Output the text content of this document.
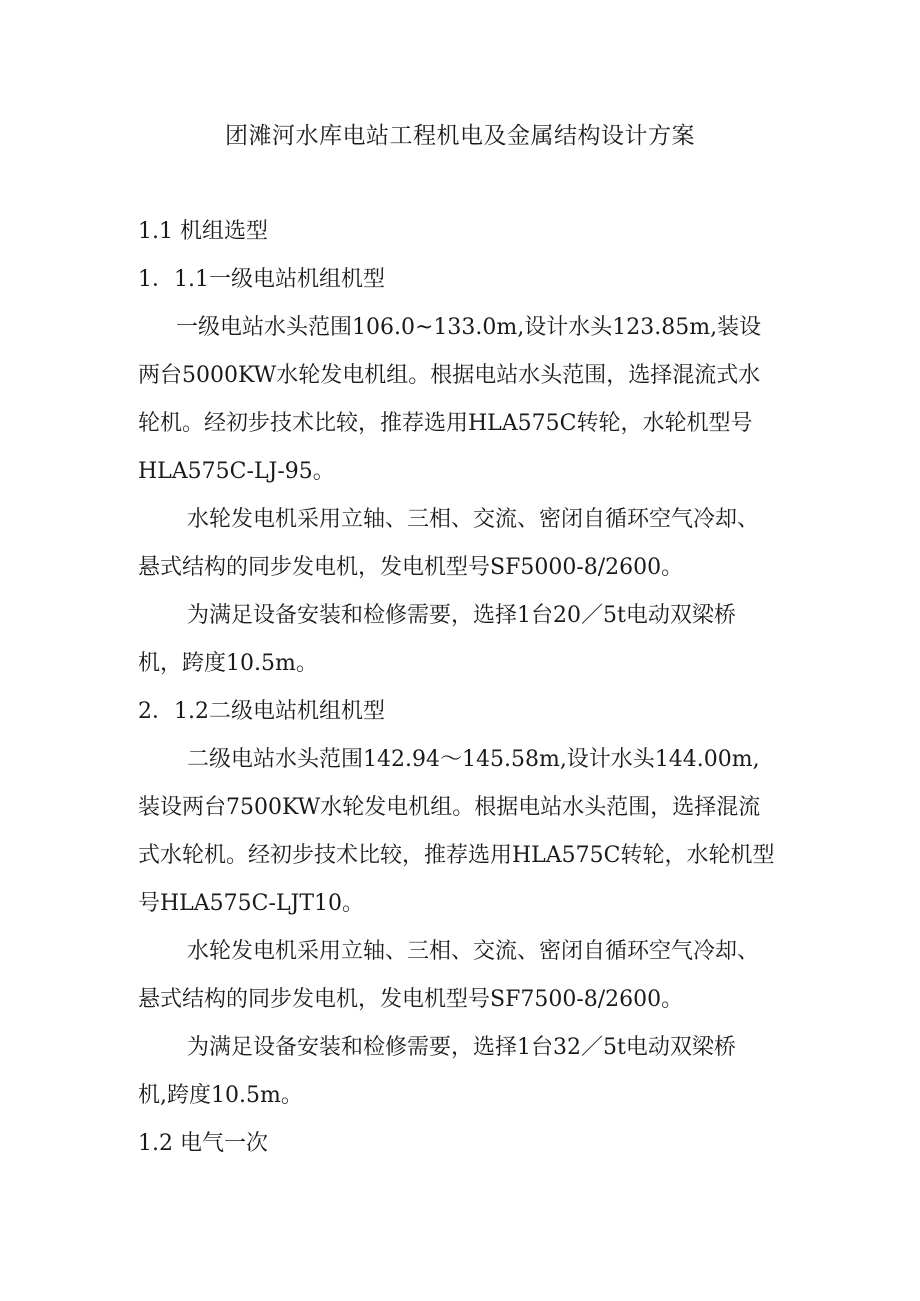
团滩河水库电站工程机电及金属结构设计方案

1.1 机组选型

1．1.1一级电站机组机型

一级电站水头范围106.0~133.0m,设计水头123.85m,装设

两台5000KW水轮发电机组。根据电站水头范围，选择混流式水

轮机。经初步技术比较，推荐选用HLA575C转轮，水轮机型号

HLA575C-LJ-95。

水轮发电机采用立轴、三相、交流、密闭自循环空气冷却、

悬式结构的同步发电机，发电机型号SF5000-8/2600。

为满足设备安装和检修需要，选择1台20／5t电动双梁桥

机，跨度10.5m。

2．1.2二级电站机组机型

二级电站水头范围142.94～145.58m,设计水头144.00m,

装设两台7500KW水轮发电机组。根据电站水头范围，选择混流

式水轮机。经初步技术比较，推荐选用HLA575C转轮，水轮机型

号HLA575C-LJT10。

水轮发电机采用立轴、三相、交流、密闭自循环空气冷却、

悬式结构的同步发电机，发电机型号SF7500-8/2600。

为满足设备安装和检修需要，选择1台32／5t电动双梁桥

机,跨度10.5m。

1.2 电气一次
